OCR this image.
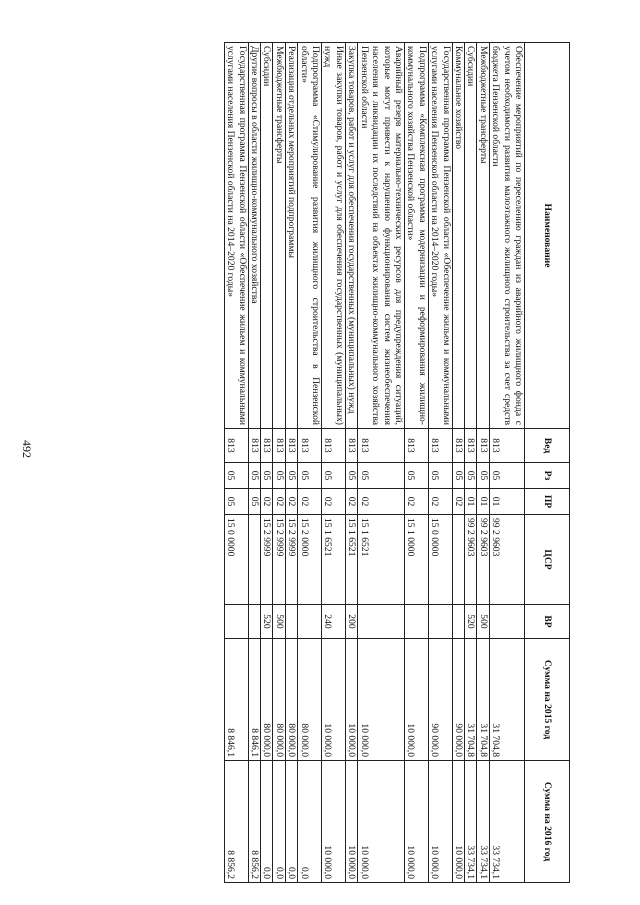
492
Наименование	Вед	Рз	ПР	ЦСР	ВР	Сумма на 2015 год	Сумма на 2016 год
Обеспечение мероприятий по переселению граждан из аварийного жилищного фонда с учетом необходимости развития малоэтажного жилищного строительства за счет средств бюджета Пензенской области	813	05	01	99 2 9603		31 704,8	33 734,1
Межбюджетные трансферты	813	05	01	99 2 9603	500	31 704,8	33 734,1
Субсидии	813	05	01	99 2 9603	520	31 704,8	33 734,1
Коммунальное хозяйство	813	05	02			90 000,0	10 000,0
Государственная программа Пензенской области «Обеспечение жильем и коммунальными услугами населения Пензенской области на 2014–2020 годы»	813	05	02	15 0 0000		90 000,0	10 000,0
Подпрограмма «Комплексная программа модернизации и реформирования жилищно-коммунального хозяйства Пензенской области»	813	05	02	15 1 0000		10 000,0	10 000,0
Аварийный резерв материально-технических ресурсов для предупреждения ситуаций, которые могут привести к нарушению функционирования систем жизнеобеспечения населения и ликвидации их последствий на объектах жилищно-коммунального хозяйства Пензенской области	813	05	02	15 1 6521		10 000,0	10 000,0
Закупка товаров, работ и услуг для обеспечения государственных (муниципальных) нужд	813	05	02	15 1 6521	200	10 000,0	10 000,0
Иные закупки товаров, работ и услуг для обеспечения государственных (муниципальных) нужд	813	05	02	15 1 6521	240	10 000,0	10 000,0
Подпрограмма «Стимулирование развития жилищного строительства в Пензенской области»	813	05	02	15 2 0000		80 000,0	0,0
Реализация отдельных мероприятий подпрограммы	813	05	02	15 2 9999		80 000,0	0,0
Межбюджетные трансферты	813	05	02	15 2 9999	500	80 000,0	0,0
Субсидии	813	05	02	15 2 9999	520	80 000,0	0,0
Другие вопросы в области жилищно-коммунального хозяйства	813	05	05			8 846,1	8 856,2
Государственная программа Пензенской области «Обеспечение жильем и коммунальными услугами населения Пензенской области на 2014–2020 годы»	813	05	05	15 0 0000		8 846,1	8 856,2
